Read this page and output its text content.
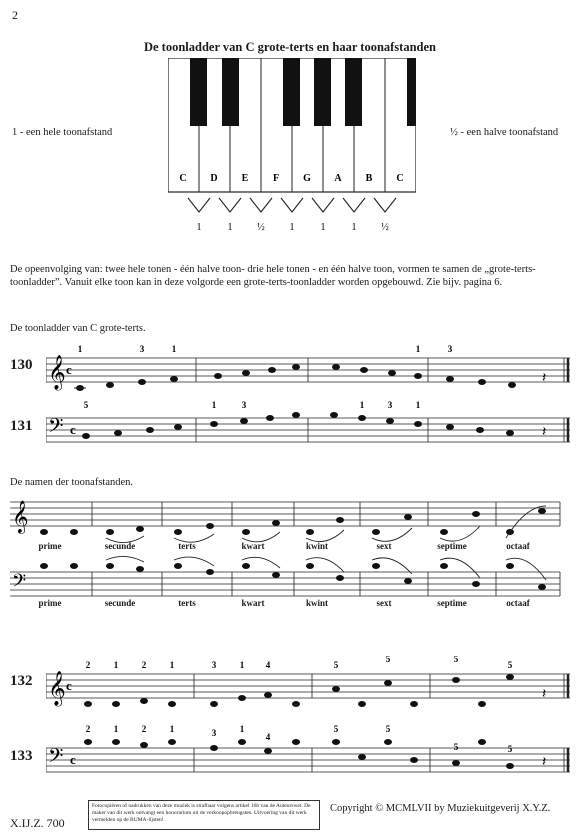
2
De toonladder van C grote-terts en haar toonafstanden
C D E F G A B C
1	1 ½ 1	1	1 ½
1 - een hele toonafstand	½ - een halve toonafstand
De opeenvolging van: twee hele tonen - één halve toon- drie hele tonen - en één halve toon, vormen te samen de „grote-terts-toonladder”. Vanuit elke toon kan in deze volgorde een grote-terts-toonladder worden opgebouwd. Zie bijv. pagina 6.
De toonladder van C grote-terts.
130 𝄞 c
𝄽
1	3	1	1	3
131 𝄢 c	𝄽
5	1	3	1	3	1
De namen der toonafstanden.
𝄞
𝄢
prime	secunde	terts	kwart	kwint	sext	septime	octaaf
prime	secunde	terts	kwart	kwint	sext	septime	octaaf
132 𝄞 c
𝄽
2	1	2	1	3	1 4	5
5	5
5
133 𝄢 c	𝄽
2	1	2	1	3	1
4
5	5
5	5
X.IJ.Z. 700
Fotocopiëren of nadrukken van deze muziek is strafbaar volgens artikel 16b van de Auteurswet. De maker van dit werk ontvangt een honorarium uit de verkoopopbrengsten. Uitvoering van dit werk vermelden op de BUMA-lijsten!
Copyright © MCMLVII by Muziekuitgeverij X.Y.Z.
